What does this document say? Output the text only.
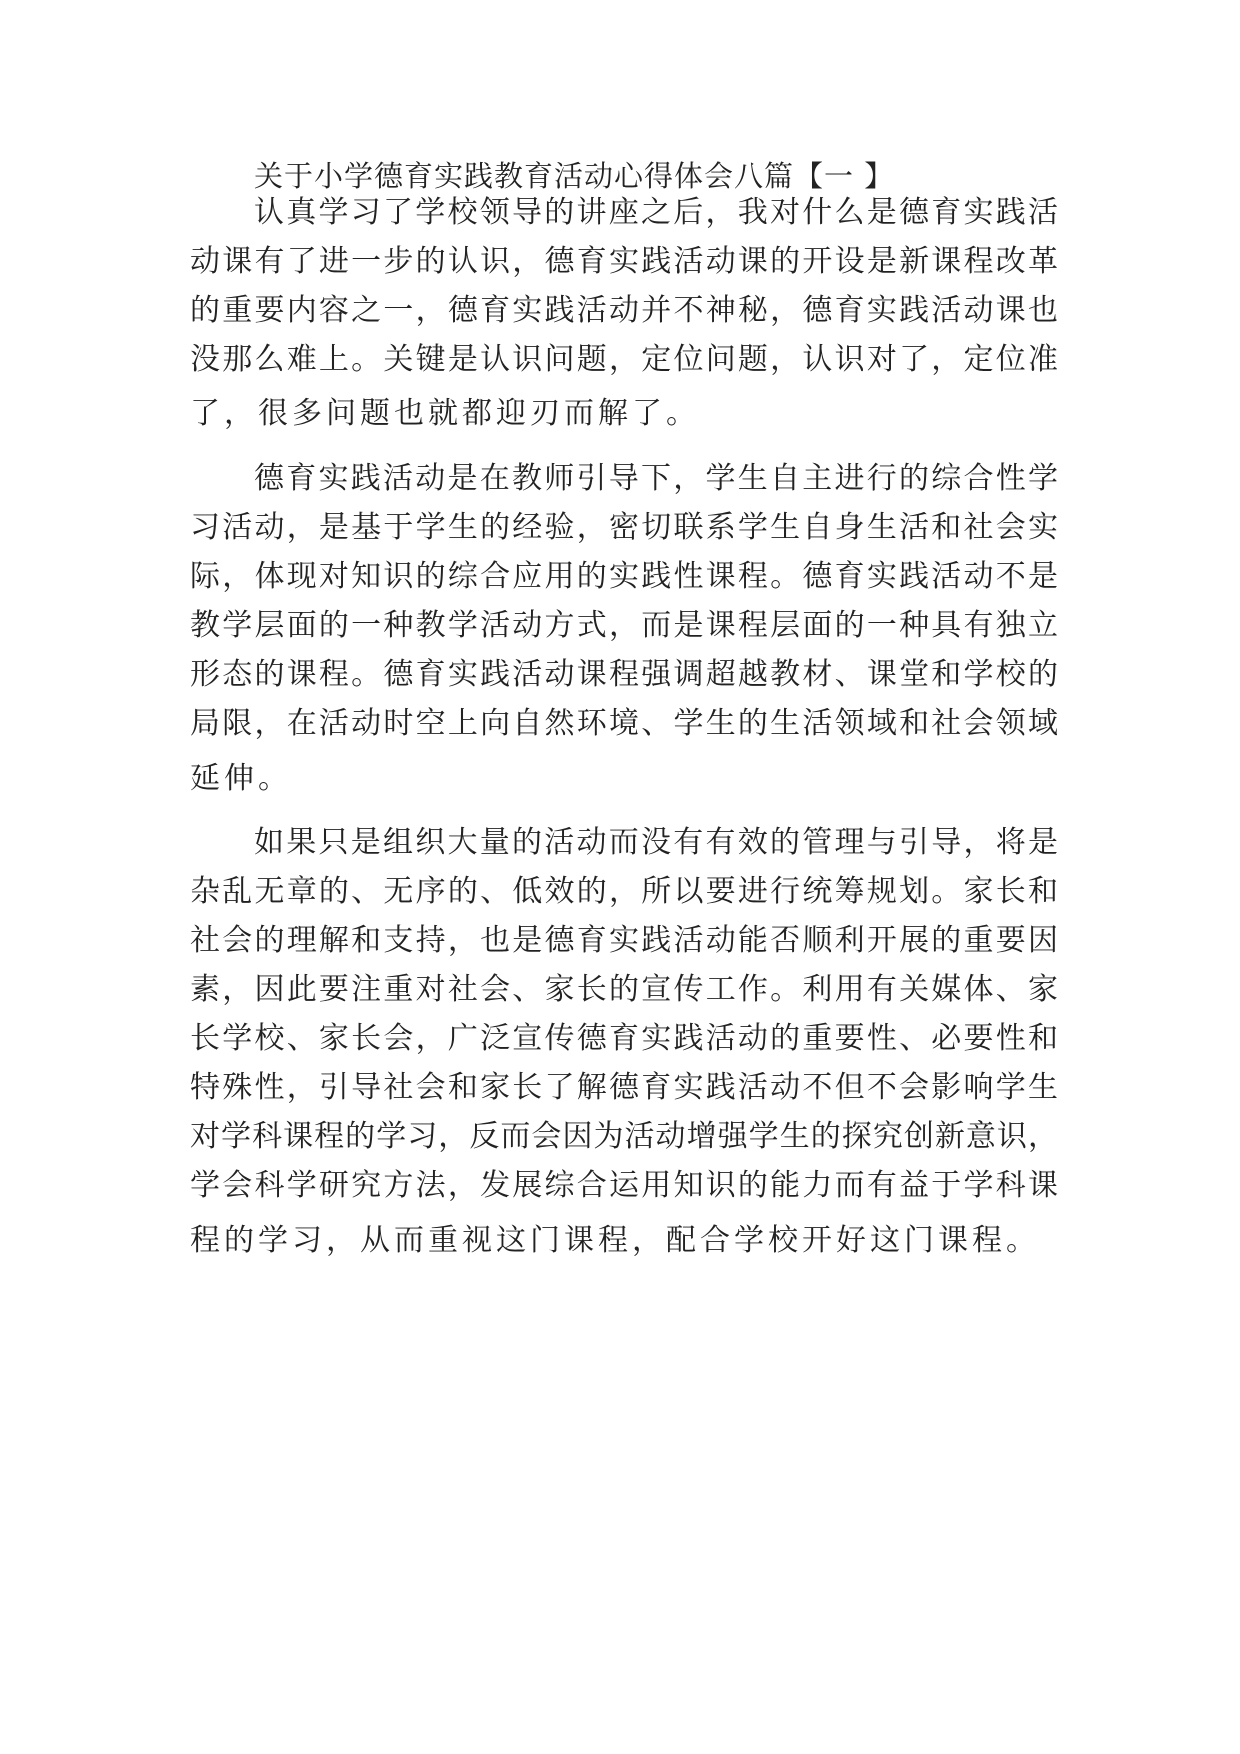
关于小学德育实践教育活动心得体会八篇【一 】
认真学习了学校领导的讲座之后，我对什么是德育实践活
动课有了进一步的认识，德育实践活动课的开设是新课程改革
的重要内容之一，德育实践活动并不神秘，德育实践活动课也
没那么难上。关键是认识问题，定位问题，认识对了，定位准
了，很多问题也就都迎刃而解了。
德育实践活动是在教师引导下，学生自主进行的综合性学
习活动，是基于学生的经验，密切联系学生自身生活和社会实
际，体现对知识的综合应用的实践性课程。德育实践活动不是
教学层面的一种教学活动方式，而是课程层面的一种具有独立
形态的课程。德育实践活动课程强调超越教材、课堂和学校的
局限，在活动时空上向自然环境、学生的生活领域和社会领域
延伸。
如果只是组织大量的活动而没有有效的管理与引导，将是
杂乱无章的、无序的、低效的，所以要进行统筹规划。家长和
社会的理解和支持，也是德育实践活动能否顺利开展的重要因
素，因此要注重对社会、家长的宣传工作。利用有关媒体、家
长学校、家长会，广泛宣传德育实践活动的重要性、必要性和
特殊性，引导社会和家长了解德育实践活动不但不会影响学生
对学科课程的学习，反而会因为活动增强学生的探究创新意识，
学会科学研究方法，发展综合运用知识的能力而有益于学科课
程的学习，从而重视这门课程，配合学校开好这门课程。
